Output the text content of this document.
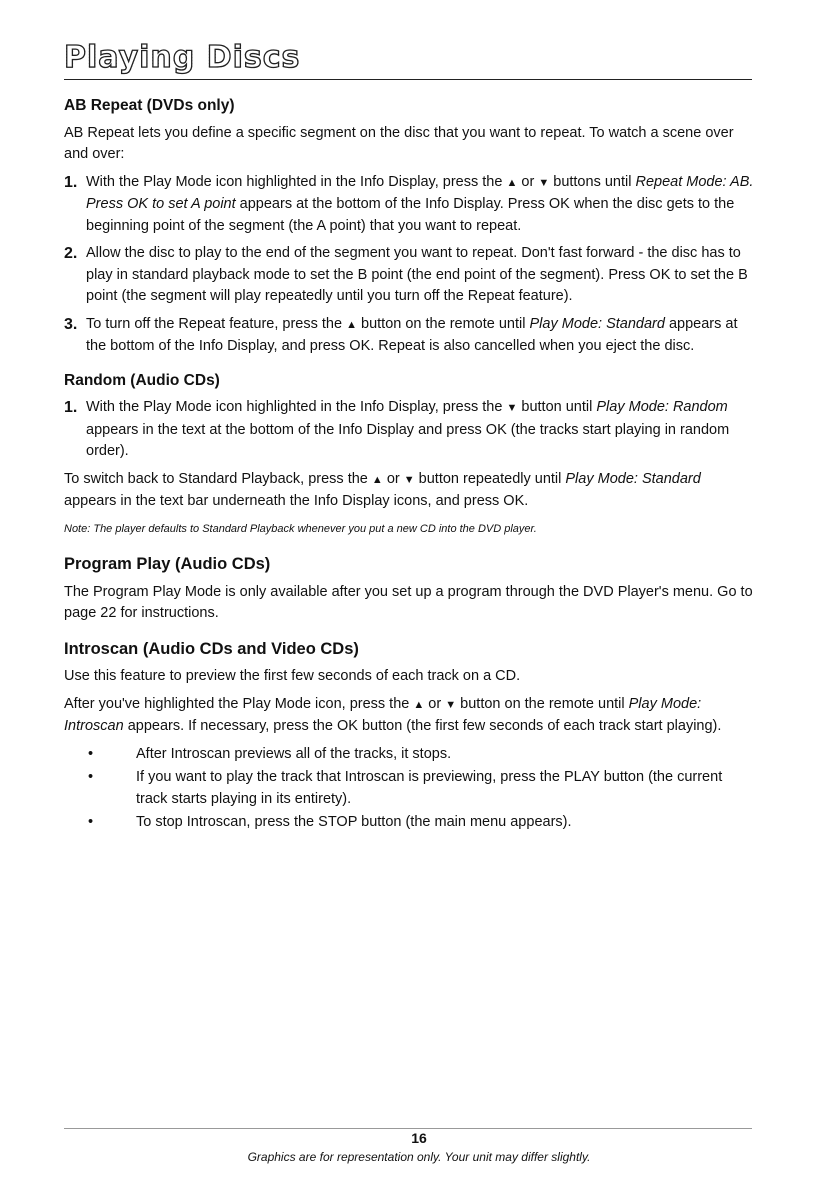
Playing Discs
AB Repeat (DVDs only)

AB Repeat lets you define a specific segment on the disc that you want to repeat. To watch a scene over and over:

1. With the Play Mode icon highlighted in the Info Display, press the ▲ or ▼ buttons until Repeat Mode: AB. Press OK to set A point appears at the bottom of the Info Display. Press OK when the disc gets to the beginning point of the segment (the A point) that you want to repeat.
2. Allow the disc to play to the end of the segment you want to repeat. Don't fast forward - the disc has to play in standard playback mode to set the B point (the end point of the segment). Press OK to set the B point (the segment will play repeatedly until you turn off the Repeat feature).
3. To turn off the Repeat feature, press the ▲ button on the remote until Play Mode: Standard appears at the bottom of the Info Display, and press OK. Repeat is also cancelled when you eject the disc.
Random (Audio CDs)
1. With the Play Mode icon highlighted in the Info Display, press the ▼ button until Play Mode: Random appears in the text at the bottom of the Info Display and press OK (the tracks start playing in random order).

To switch back to Standard Playback, press the ▲ or ▼ button repeatedly until Play Mode: Standard appears in the text bar underneath the Info Display icons, and press OK.

Note: The player defaults to Standard Playback whenever you put a new CD into the DVD player.

Program Play (Audio CDs)

The Program Play Mode is only available after you set up a program through the DVD Player's menu. Go to page 22 for instructions.

Introscan (Audio CDs and Video CDs)

Use this feature to preview the first few seconds of each track on a CD.

After you've highlighted the Play Mode icon, press the ▲ or ▼ button on the remote until Play Mode: Introscan appears. If necessary, press the OK button (the first few seconds of each track start playing).

•	After Introscan previews all of the tracks, it stops.
•	If you want to play the track that Introscan is previewing, press the PLAY button (the current track starts playing in its entirety).
•	To stop Introscan, press the STOP button (the main menu appears).
16
Graphics are for representation only. Your unit may differ slightly.
